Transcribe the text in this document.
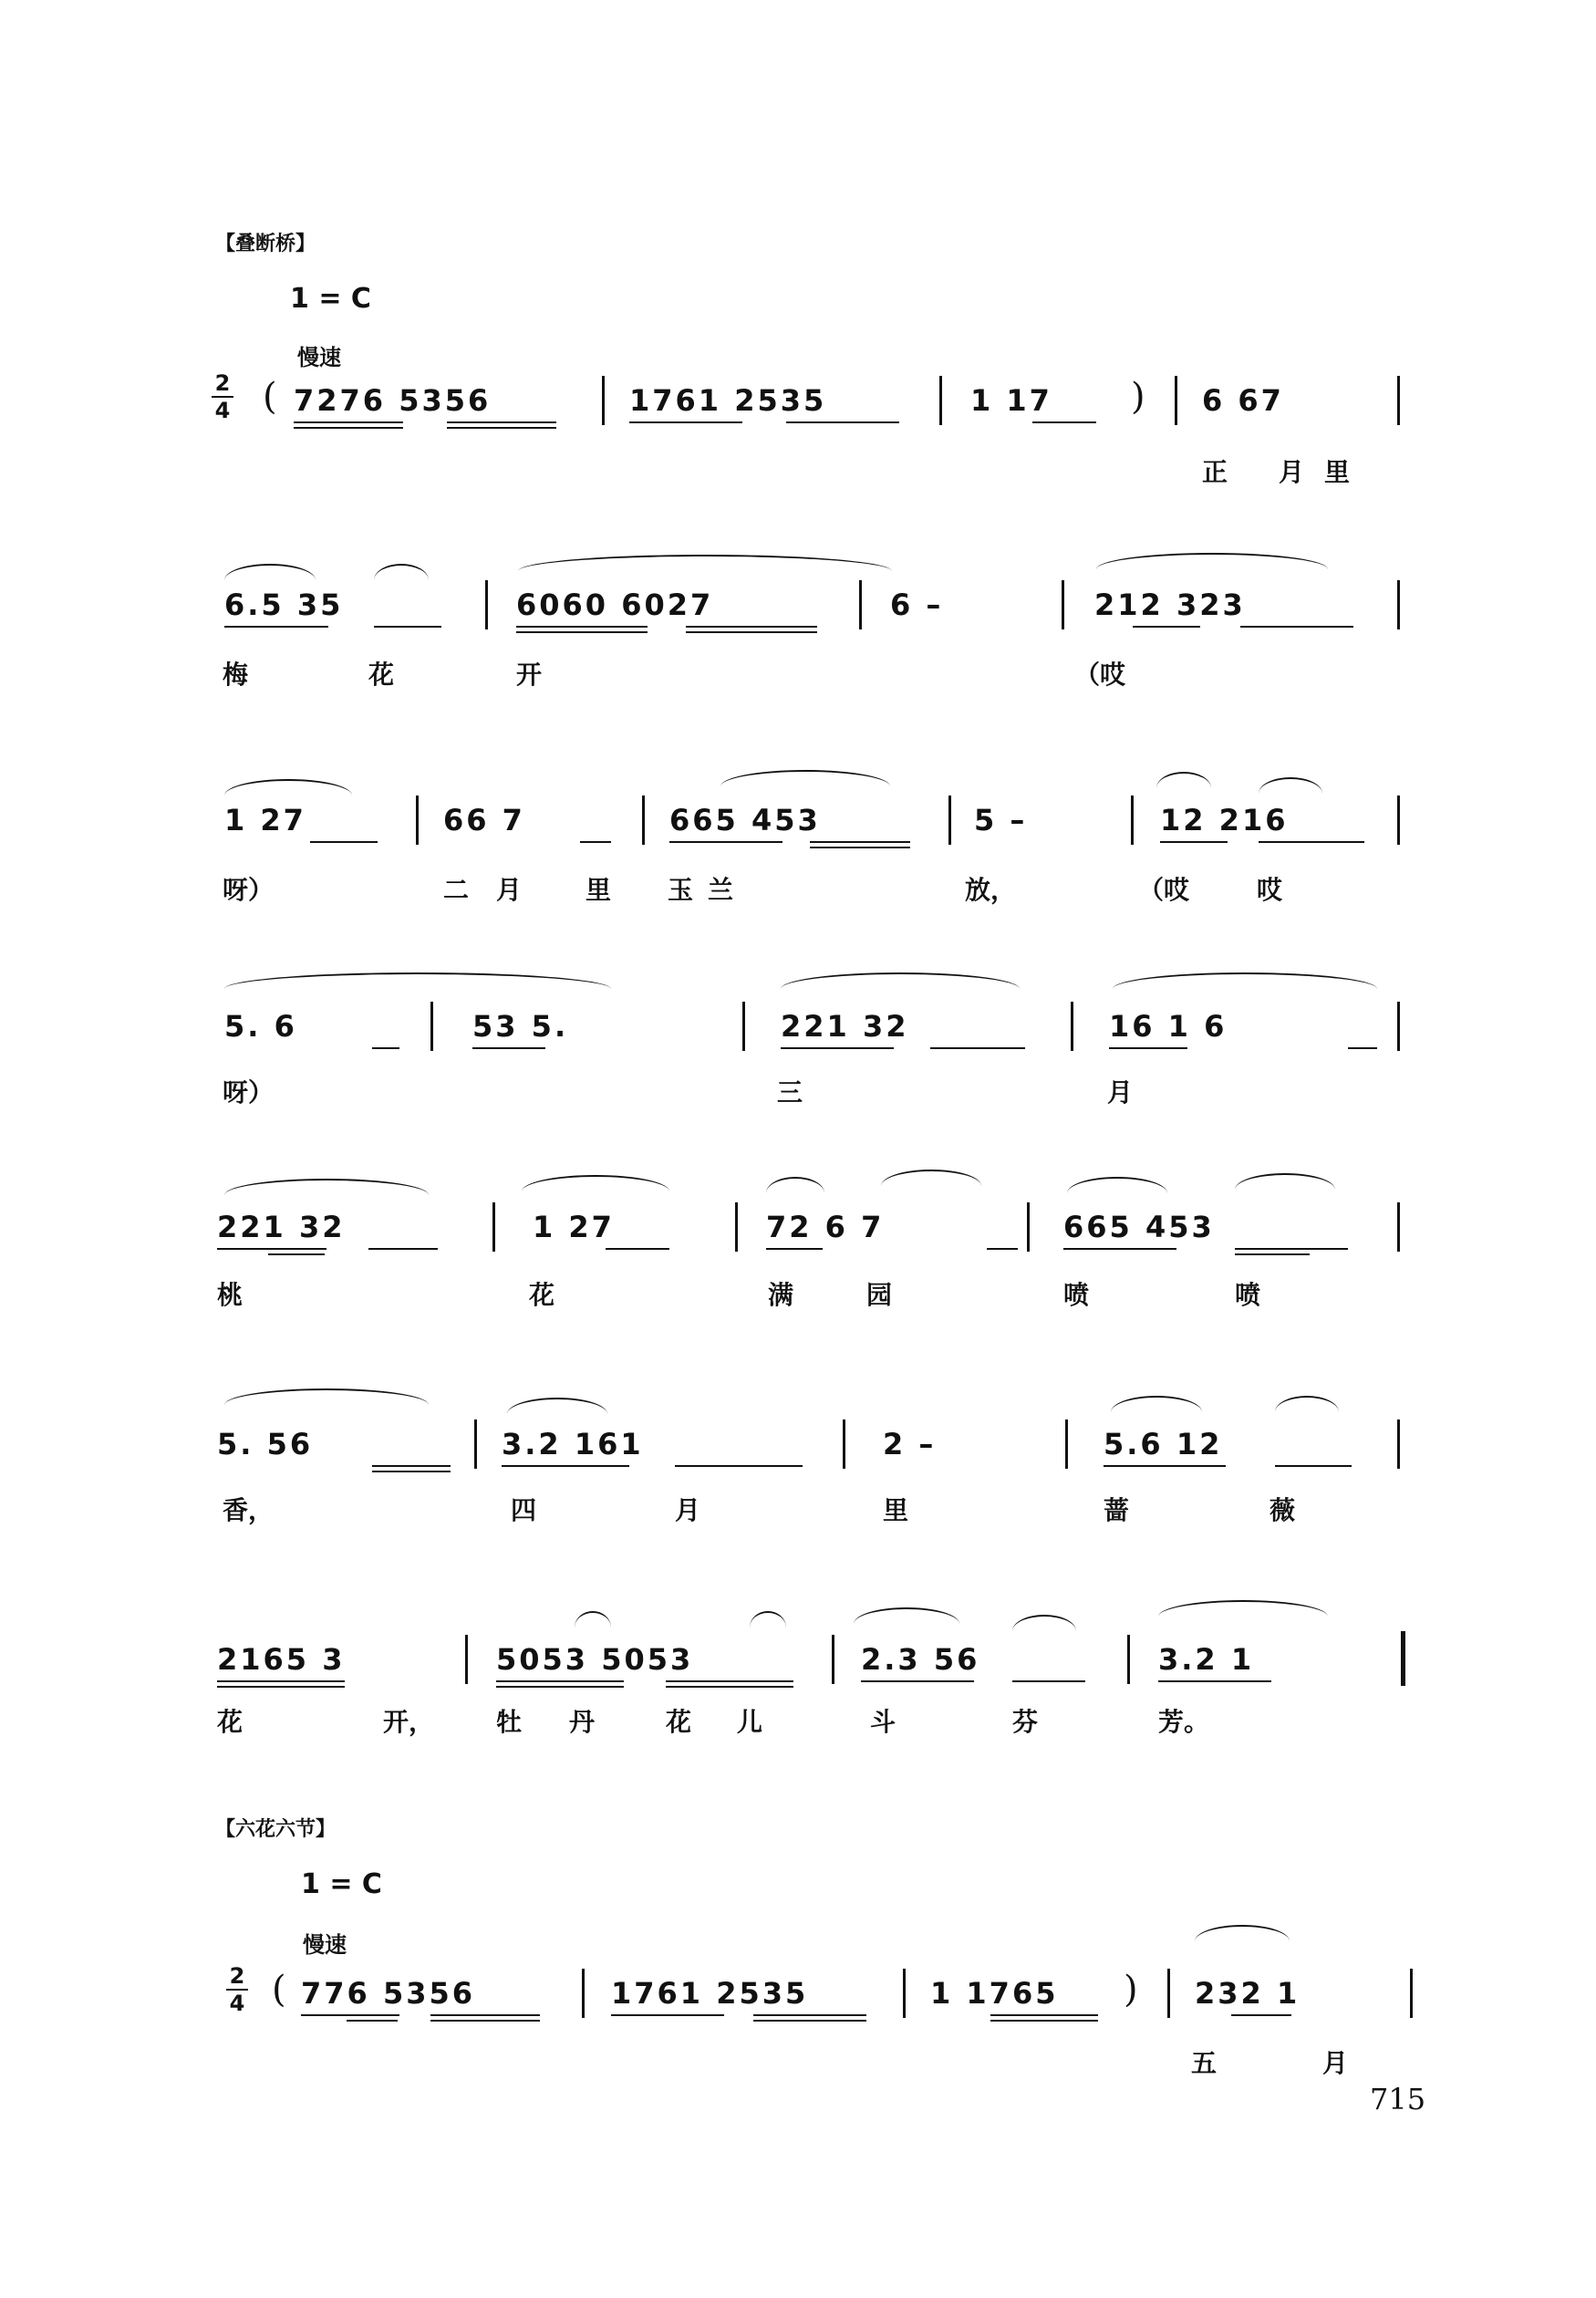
【叠断桥】
1 = C
慢速
2
4 ( 7276 5356	1761 2535	1 17 ) 6 67
正 月 里
6.5 35	6060 6027	6 –	212 323
梅	花	开	（哎
1 27	66 7	665 453	5 –	12 216
呀）	二 月 里 玉 兰	放，	（哎	哎
5. 6	53 5.	221 32	16 1 6
呀）	三	月
221 32	1 27	72 6 7	665 453
桃	花	满	园	喷	喷
5. 56	3.2 161	2 –	5.6 12
香，	四	月	里	蔷	薇
2165 3	5053 5053	2.3 56	3.2 1
花	开， 牡 丹	花 儿	斗	芬	芳。
【六花六节】
1 = C
慢速
2
4 ( 776 5356	1761 2535	1 1765 ) 232 1
五	月
715
